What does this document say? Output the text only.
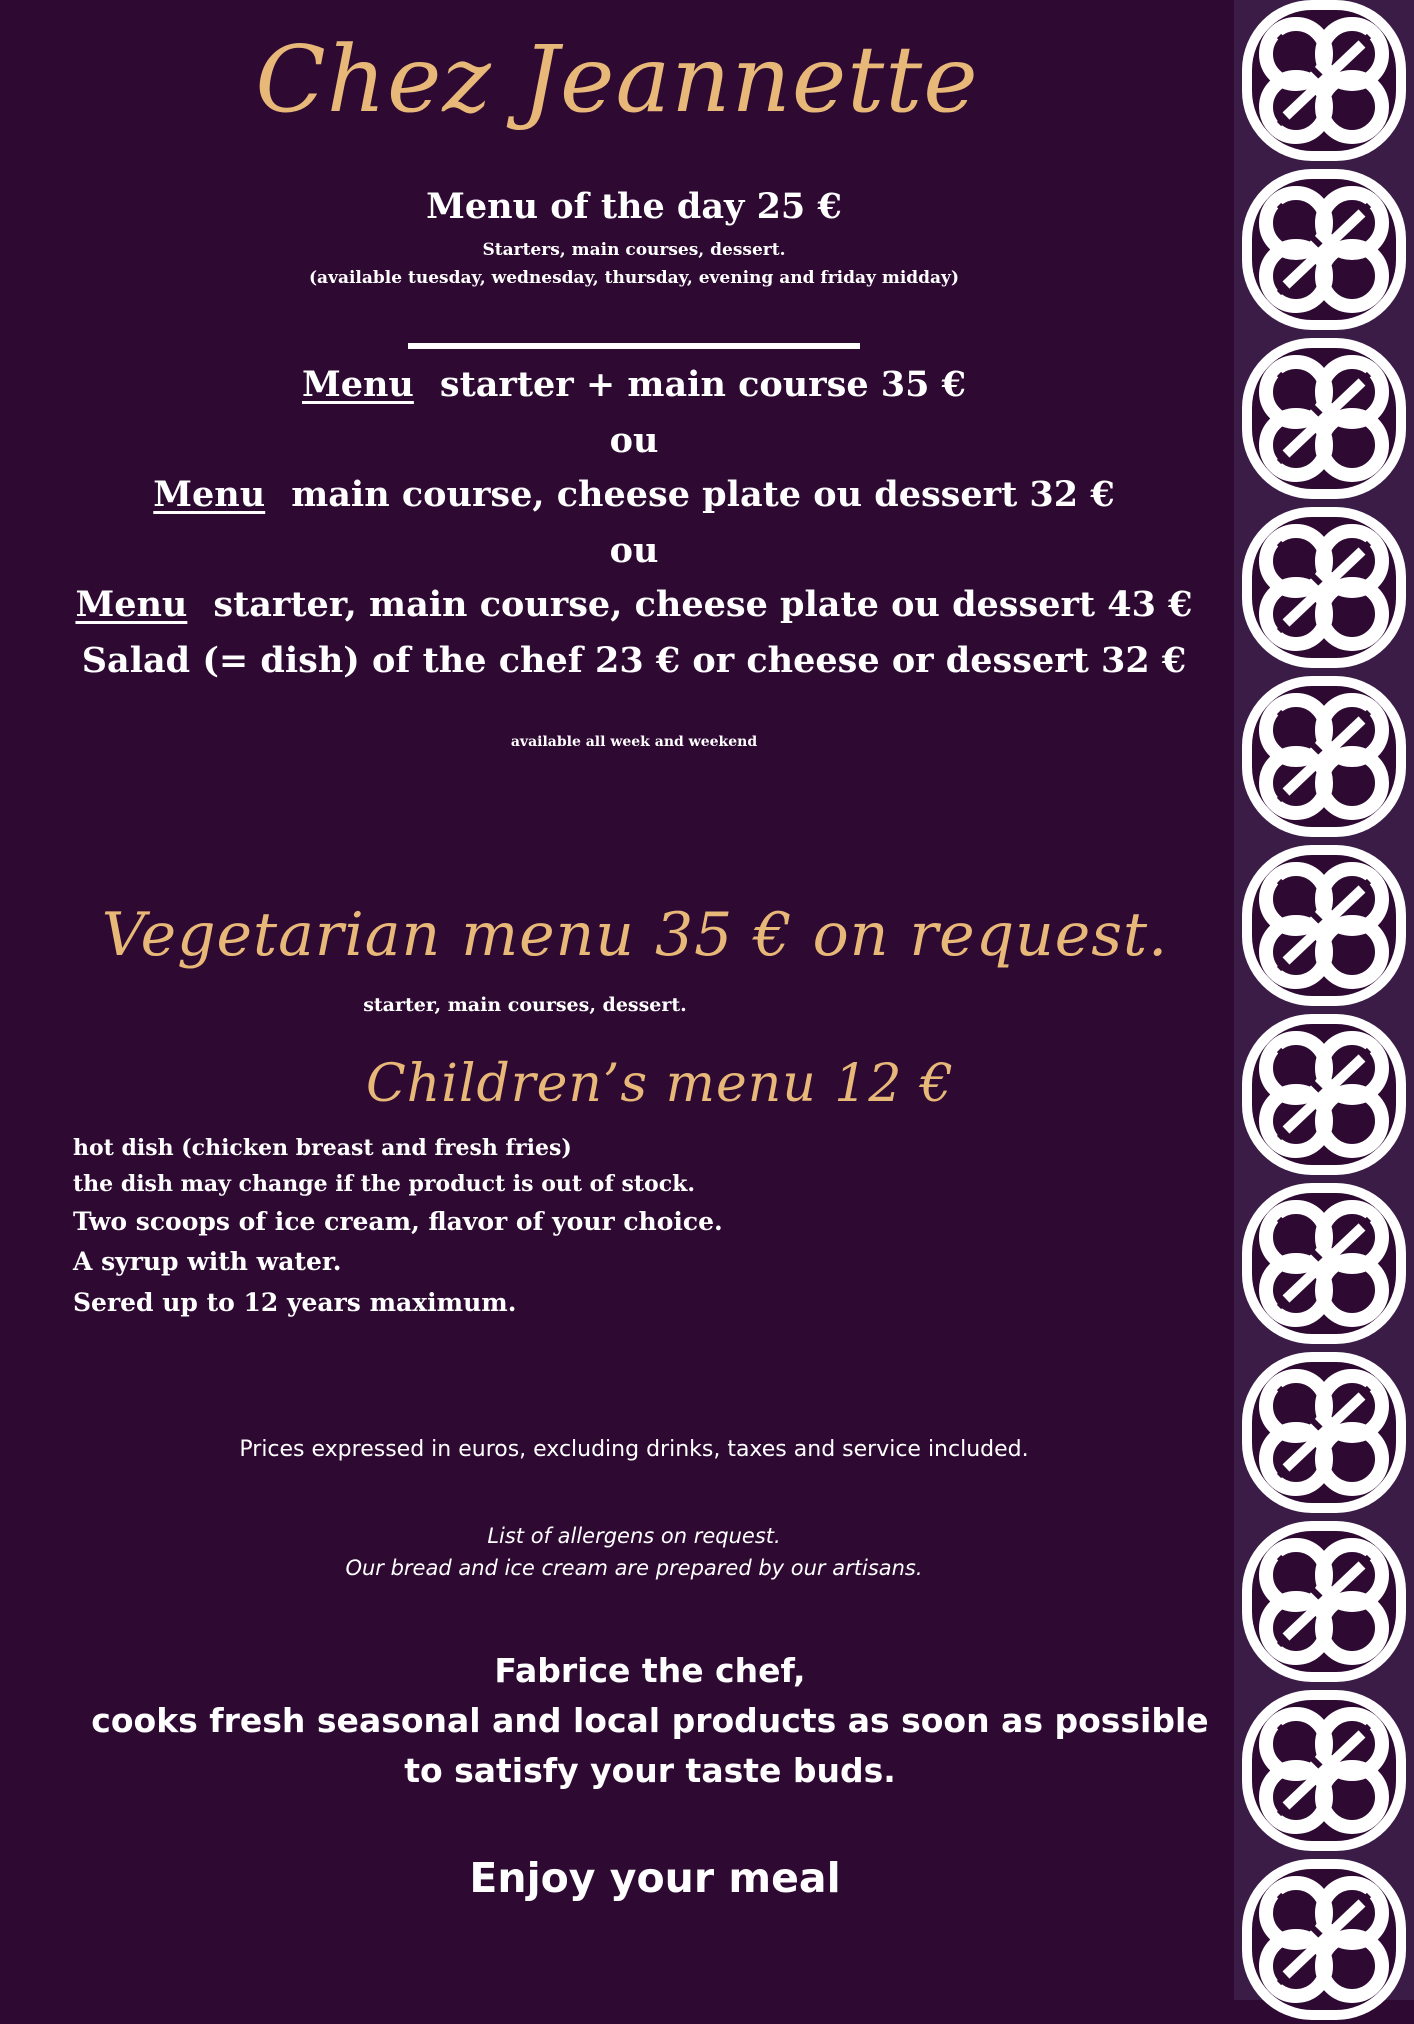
Chez Jeannette
Menu of the day 25 €
Starters, main courses, dessert.
(available tuesday, wednesday, thursday, evening and friday midday)
Menu starter + main course 35 €
ou
Menu main course, cheese plate ou dessert 32 €
ou
Menu starter, main course, cheese plate ou dessert 43 €
Salad (= dish) of the chef 23 € or cheese or dessert 32 €
available all week and weekend
Vegetarian menu 35 € on request.
starter, main courses, dessert.
Children’s menu 12 €
hot dish (chicken breast and fresh fries)
the dish may change if the product is out of stock.
Two scoops of ice cream, flavor of your choice.
A syrup with water.
Sered up to 12 years maximum.
Prices expressed in euros, excluding drinks, taxes and service included.
List of allergens on request.
Our bread and ice cream are prepared by our artisans.
Fabrice the chef,
cooks fresh seasonal and local products as soon as possible
to satisfy your taste buds.
Enjoy your meal
